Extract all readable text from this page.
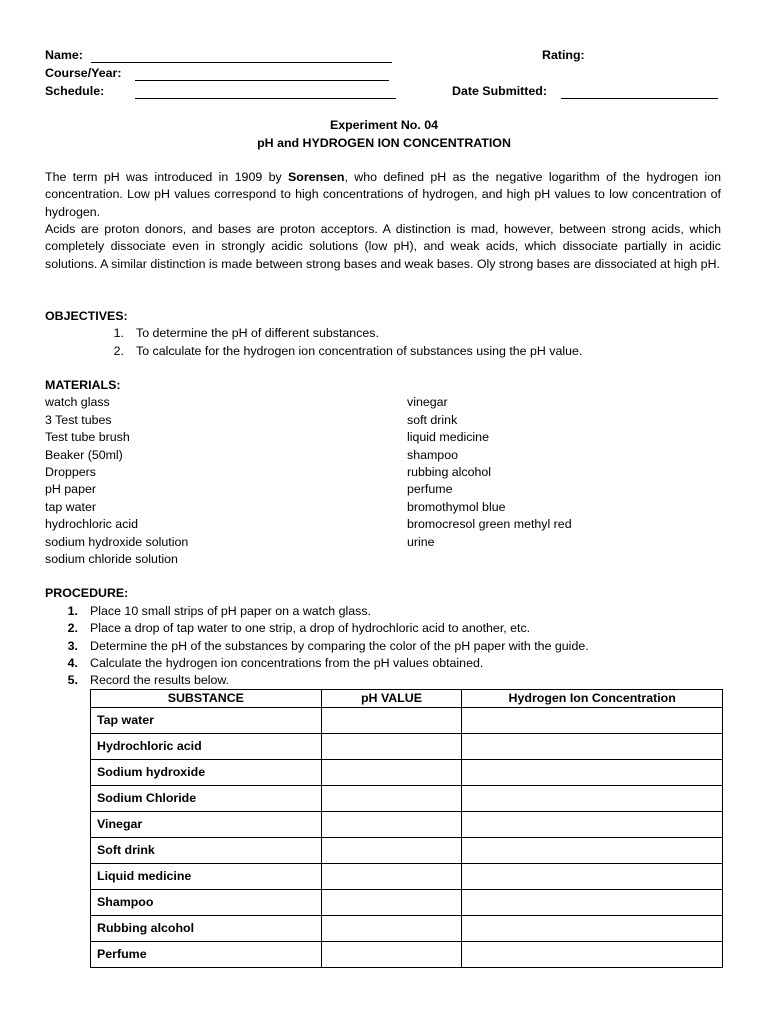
Name:
Course/Year:
Schedule:
Rating:
Date Submitted:
Experiment No. 04
pH and HYDROGEN ION CONCENTRATION
The term pH was introduced in 1909 by Sorensen, who defined pH as the negative logarithm of the hydrogen ion concentration. Low pH values correspond to high concentrations of hydrogen, and high pH values to low concentration of hydrogen.
Acids are proton donors, and bases are proton acceptors. A distinction is mad, however, between strong acids, which completely dissociate even in strongly acidic solutions (low pH), and weak acids, which dissociate partially in acidic solutions. A similar distinction is made between strong bases and weak bases. Oly strong bases are dissociated at high pH.
OBJECTIVES:
1. To determine the pH of different substances.
2. To calculate for the hydrogen ion concentration of substances using the pH value.
MATERIALS:
watch glass
3 Test tubes
Test tube brush
Beaker (50ml)
Droppers
pH paper
tap water
hydrochloric acid
sodium hydroxide solution
sodium chloride solution
vinegar
soft drink
liquid medicine
shampoo
rubbing alcohol
perfume
bromothymol blue
bromocresol green methyl red
urine
PROCEDURE:
1. Place 10 small strips of pH paper on a watch glass.
2. Place a drop of tap water to one strip, a drop of hydrochloric acid to another, etc.
3. Determine the pH of the substances by comparing the color of the pH paper with the guide.
4. Calculate the hydrogen ion concentrations from the pH values obtained.
5. Record the results below.
SUBSTANCE	pH VALUE	Hydrogen Ion Concentration
Tap water		
Hydrochloric acid		
Sodium hydroxide		
Sodium Chloride		
Vinegar		
Soft drink		
Liquid medicine		
Shampoo		
Rubbing alcohol		
Perfume		
